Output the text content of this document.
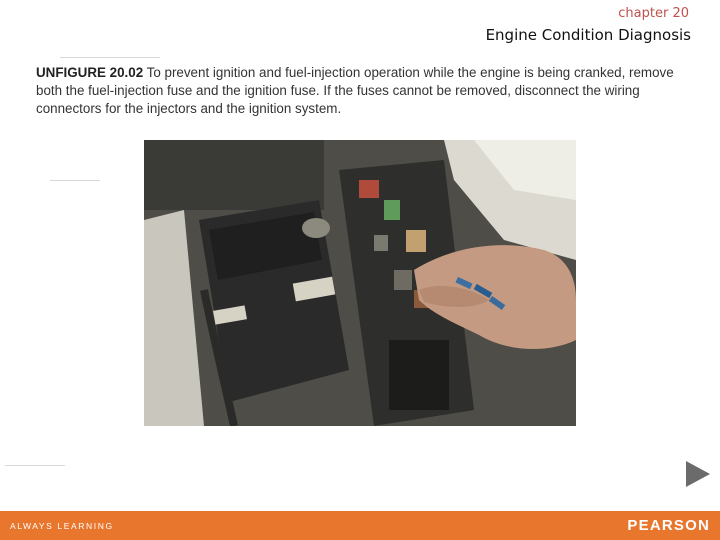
chapter 20
Engine Condition Diagnosis
UNFIGURE 20.02 To prevent ignition and fuel-injection operation while the engine is being cranked, remove both the fuel-injection fuse and the ignition fuse. If the fuses cannot be removed, disconnect the wiring connectors for the injectors and the ignition system.
ALWAYS LEARNING	PEARSON
